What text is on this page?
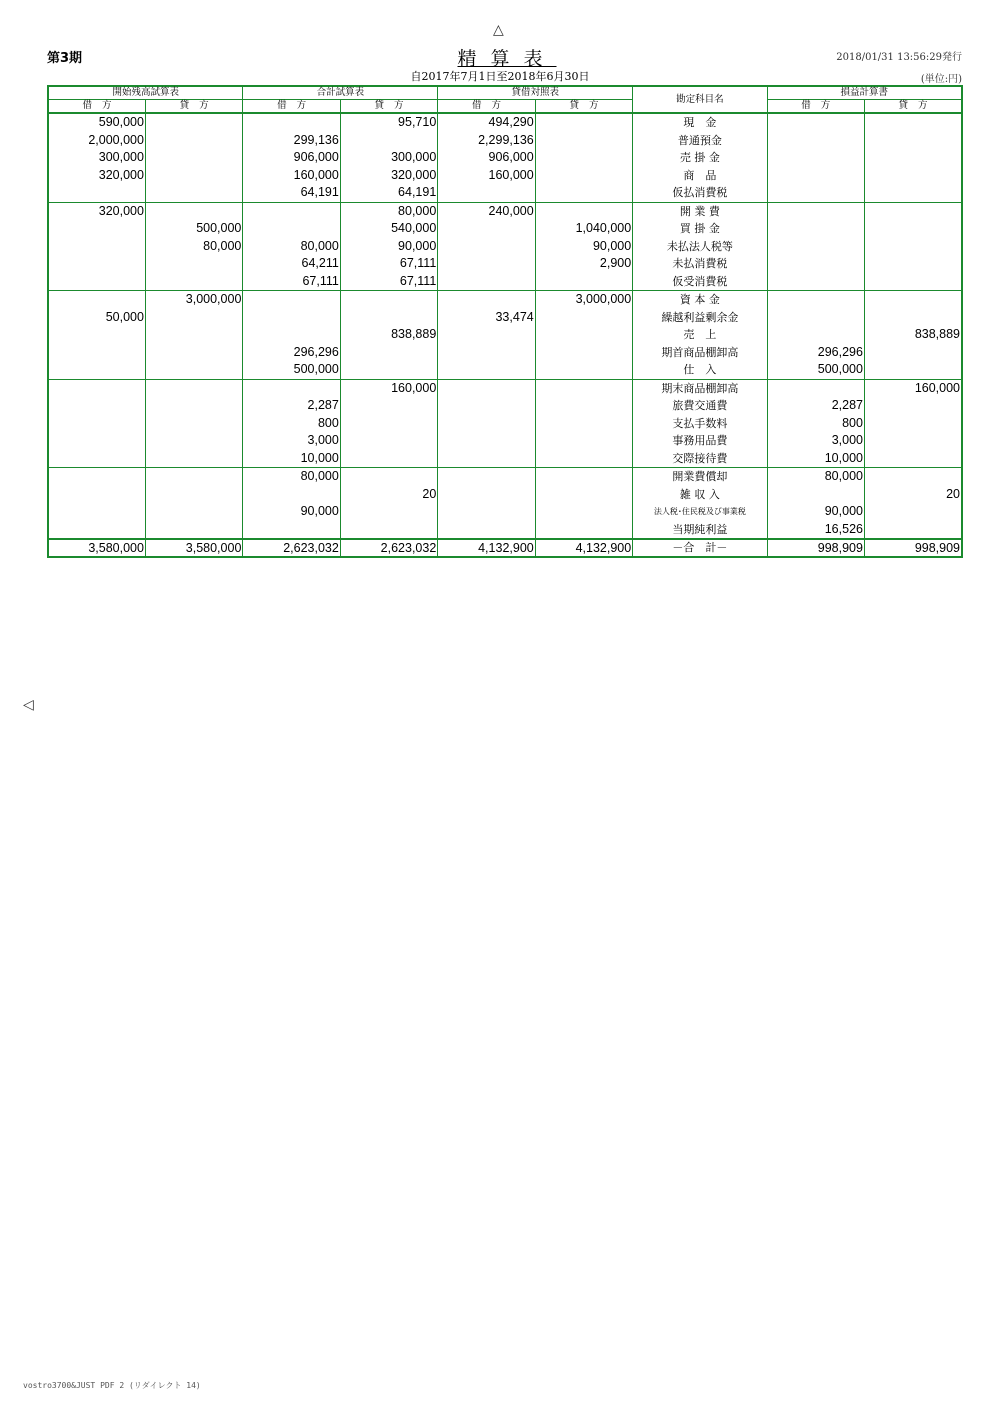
△
◁
第3期	精算表	2018/01/31 13:56:29発行
自2017年7月1日至2018年6月30日	(単位:円)
開始残高試算表		合計試算表		貸借対照表		勘定科目名	損益計算書	
借方	貸方	借方	貸方	借方	貸方		借方	貸方
590,000			95,710	494,290		現　金		
2,000,000		299,136		2,299,136		普通預金		
300,000		906,000	300,000	906,000		売 掛 金		
320,000		160,000	320,000	160,000		商　品		
		64,191	64,191			仮払消費税		
320,000			80,000	240,000		開 業 費		
	500,000		540,000		1,040,000	買 掛 金		
	80,000	80,000	90,000		90,000	未払法人税等		
		64,211	67,111		2,900	未払消費税		
		67,111	67,111			仮受消費税		
	3,000,000				3,000,000	資 本 金		
50,000				33,474		繰越利益剰余金		
			838,889			売　上		838,889
		296,296				期首商品棚卸高	296,296	
		500,000				仕　入	500,000	
			160,000			期末商品棚卸高		160,000
		2,287				旅費交通費	2,287	
		800				支払手数料	800	
		3,000				事務用品費	3,000	
		10,000				交際接待費	10,000	
		80,000				開業費償却	80,000	
			20			雑 収 入		20
		90,000				法人税･住民税及び事業税	90,000	
						当期純利益	16,526	
3,580,000	3,580,000	2,623,032	2,623,032	4,132,900	4,132,900	－合　計－	998,909	998,909
vostro3700&JUST PDF 2 (リダイレクト 14)
